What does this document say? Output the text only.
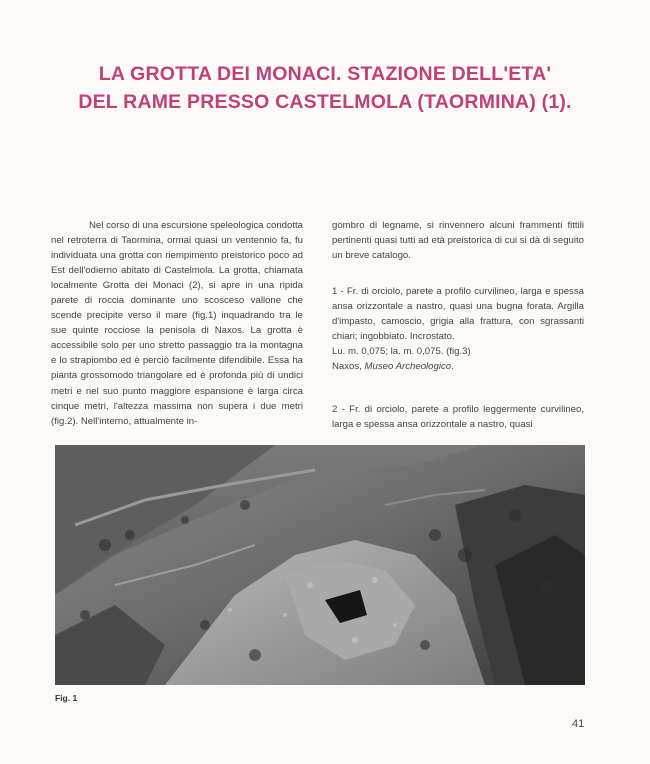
LA GROTTA DEI MONACI. STAZIONE DELL'ETA'
DEL RAME PRESSO CASTELMOLA (TAORMINA) (1).

Nel corso di una escursione speleologica condotta nel retroterra di Taormina, ormai quasi un ventennio fa, fu individuata una grotta con riempimento preistorico poco ad Est dell'odierno abitato di Castelmola. La grotta, chiamata localmente Grotta dei Monaci (2), si apre in una ripida parete di roccia dominante uno scosceso vallone che scende precipite verso il mare (fig.1) inquadrando tra le sue quinte rocciose la penisola di Naxos. La grotta è accessibile solo per uno stretto passaggio tra la montagna e lo strapiombo ed è perciò facilmente difendibile. Essa ha pianta grossomodo triangolare ed è profonda più di undici metri e nel suo punto maggiore espansione è larga circa cinque metri, l'altezza massima non supera i due metri (fig.2). Nell'interno, attualmente in-

gombro di legname, si rinvennero alcuni frammenti fittili pertinenti quasi tutti ad età preistorica di cui si dà di seguito un breve catalogo.

1 - Fr. di orciolo, parete a profilo curvilineo, larga e spessa ansa orizzontale a nastro, quasi una bugna forata. Argilla d'impasto, camoscio, grigia alla frattura, con sgrassanti chiari; ingobbiato. Incrostato.
Lu. m. 0,075; la. m. 0,075. (fig.3)
Naxos, Museo Archeologico.

2 - Fr. di orciolo, parete a profilo leggermente curvilineo, larga e spessa ansa orizzontale a nastro, quasi

Fig. 1
41
